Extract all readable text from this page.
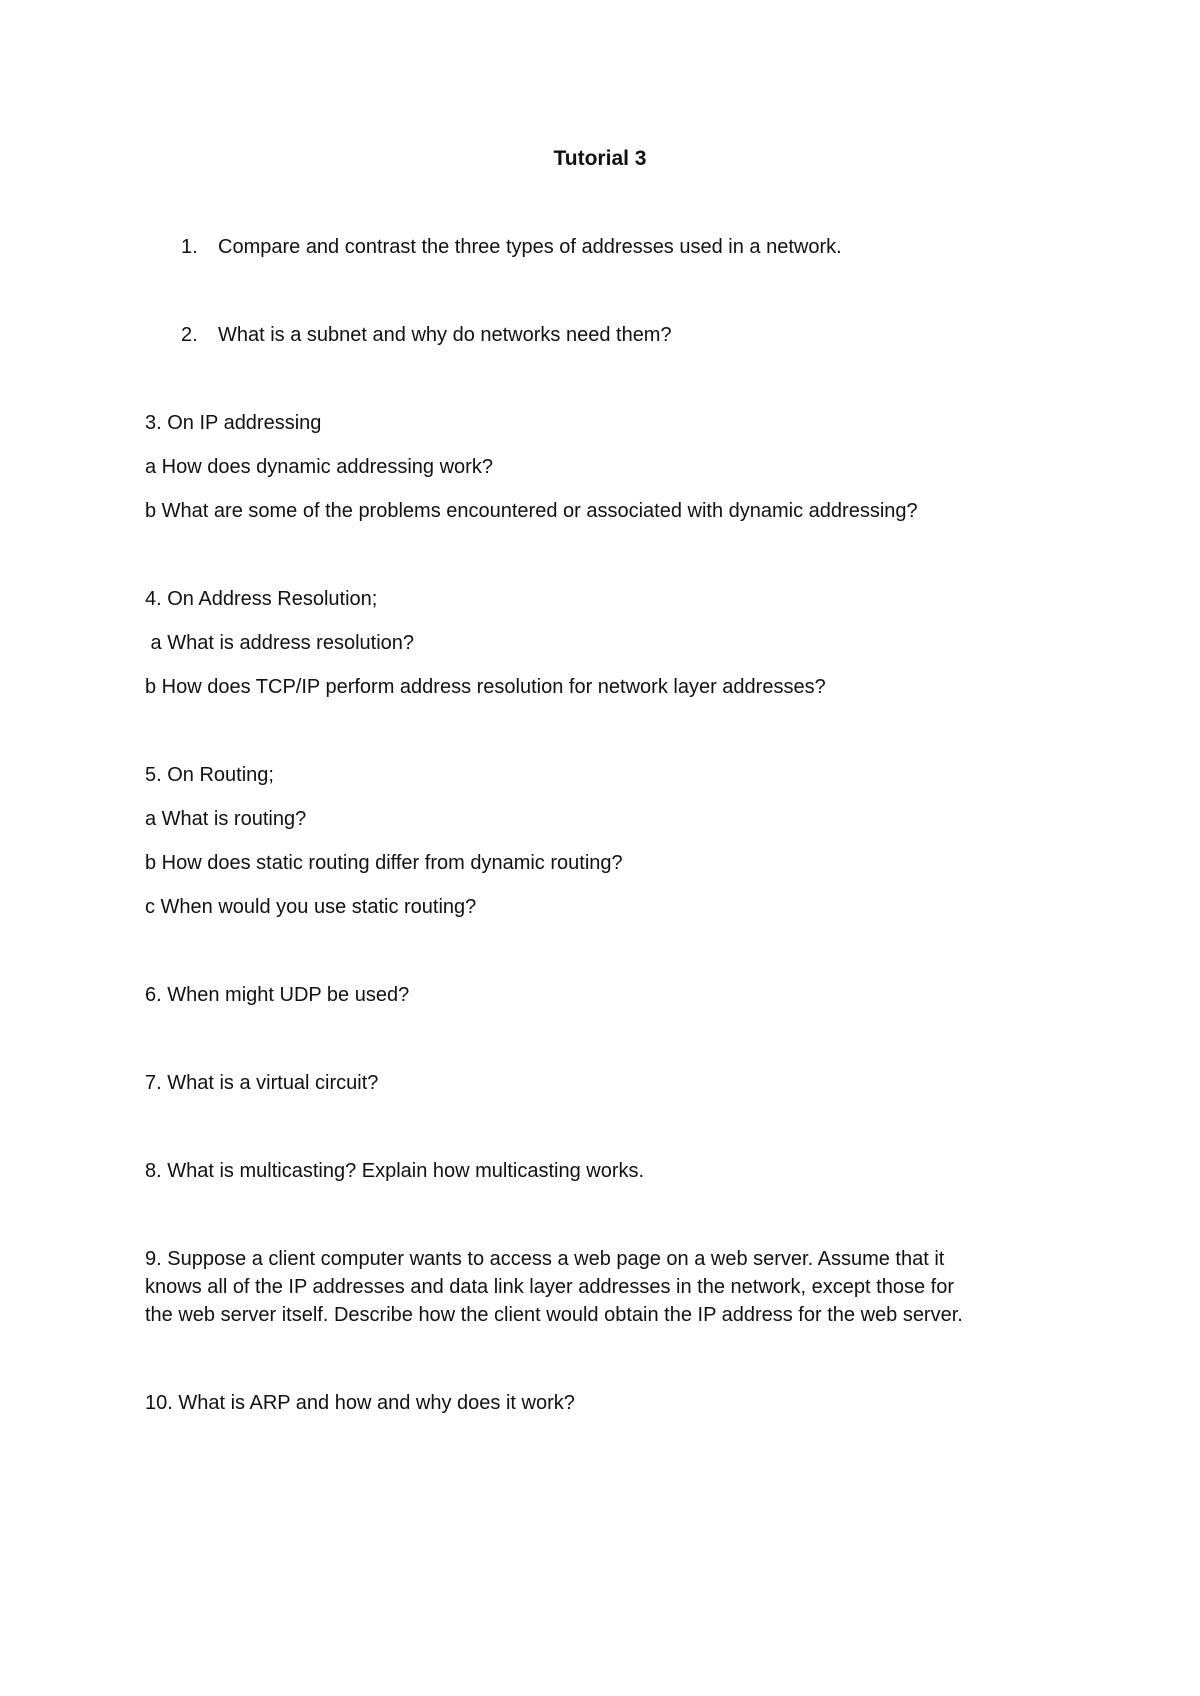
Tutorial 3
1. Compare and contrast the three types of addresses used in a network.
2. What is a subnet and why do networks need them?
3. On IP addressing
a How does dynamic addressing work?
b What are some of the problems encountered or associated with dynamic addressing?
4. On Address Resolution;
a What is address resolution?
b How does TCP/IP perform address resolution for network layer addresses?
5. On Routing;
a What is routing?
b How does static routing differ from dynamic routing?
c When would you use static routing?
6. When might UDP be used?
7. What is a virtual circuit?
8. What is multicasting? Explain how multicasting works.
9. Suppose a client computer wants to access a web page on a web server. Assume that it
knows all of the IP addresses and data link layer addresses in the network, except those for
the web server itself. Describe how the client would obtain the IP address for the web server.
10. What is ARP and how and why does it work?
